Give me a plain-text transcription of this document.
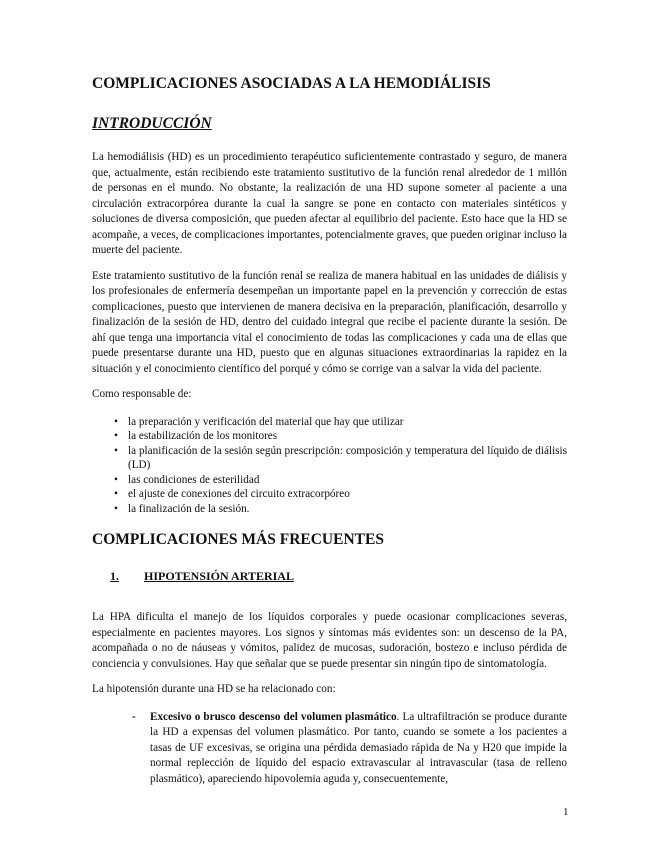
COMPLICACIONES ASOCIADAS A LA HEMODIÁLISIS
INTRODUCCIÓN

La hemodiálisis (HD) es un procedimiento terapéutico suficientemente contrastado y seguro, de manera que, actualmente, están recibiendo este tratamiento sustitutivo de la función renal alrededor de 1 millón de personas en el mundo. No obstante, la realización de una HD supone someter al paciente a una circulación extracorpórea durante la cual la sangre se pone en contacto con materiales sintéticos y soluciones de diversa composición, que pueden afectar al equilibrio del paciente. Esto hace que la HD se acompañe, a veces, de complicaciones importantes, potencialmente graves, que pueden originar incluso la muerte del paciente.

Este tratamiento sustitutivo de la función renal se realiza de manera habitual en las unidades de diálisis y los profesionales de enfermería desempeñan un importante papel en la prevención y corrección de estas complicaciones, puesto que intervienen de manera decisiva en la preparación, planificación, desarrollo y finalización de la sesión de HD, dentro del cuidado integral que recibe el paciente durante la sesión. De ahí que tenga una importancia vital el conocimiento de todas las complicaciones y cada una de ellas que puede presentarse durante una HD, puesto que en algunas situaciones extraordinarias la rapidez en la situación y el conocimiento científico del porqué y cómo se corrige van a salvar la vida del paciente.

Como responsable de:

• la preparación y verificación del material que hay que utilizar
• la estabilización de los monitores
• la planificación de la sesión según prescripción: composición y temperatura del líquido de diálisis (LD)
• las condiciones de esterilidad
• el ajuste de conexiones del circuito extracorpóreo
• la finalización de la sesión.
COMPLICACIONES MÁS FRECUENTES
1. HIPOTENSIÓN ARTERIAL

La HPA dificulta el manejo de los líquidos corporales y puede ocasionar complicaciones severas, especialmente en pacientes mayores. Los signos y síntomas más evidentes son: un descenso de la PA, acompañada o no de náuseas y vómitos, palidez de mucosas, sudoración, bostezo e incluso pérdida de conciencia y convulsiones. Hay que señalar que se puede presentar sin ningún tipo de sintomatología.

La hipotensión durante una HD se ha relacionado con:

- Excesivo o brusco descenso del volumen plasmático. La ultrafiltración se produce durante la HD a expensas del volumen plasmático. Por tanto, cuando se somete a los pacientes a tasas de UF excesivas, se origina una pérdida demasiado rápida de Na y H20 que impide la normal replección de líquido del espacio extravascular al intravascular (tasa de relleno plasmático), apareciendo hipovolemia aguda y, consecuentemente,

1
